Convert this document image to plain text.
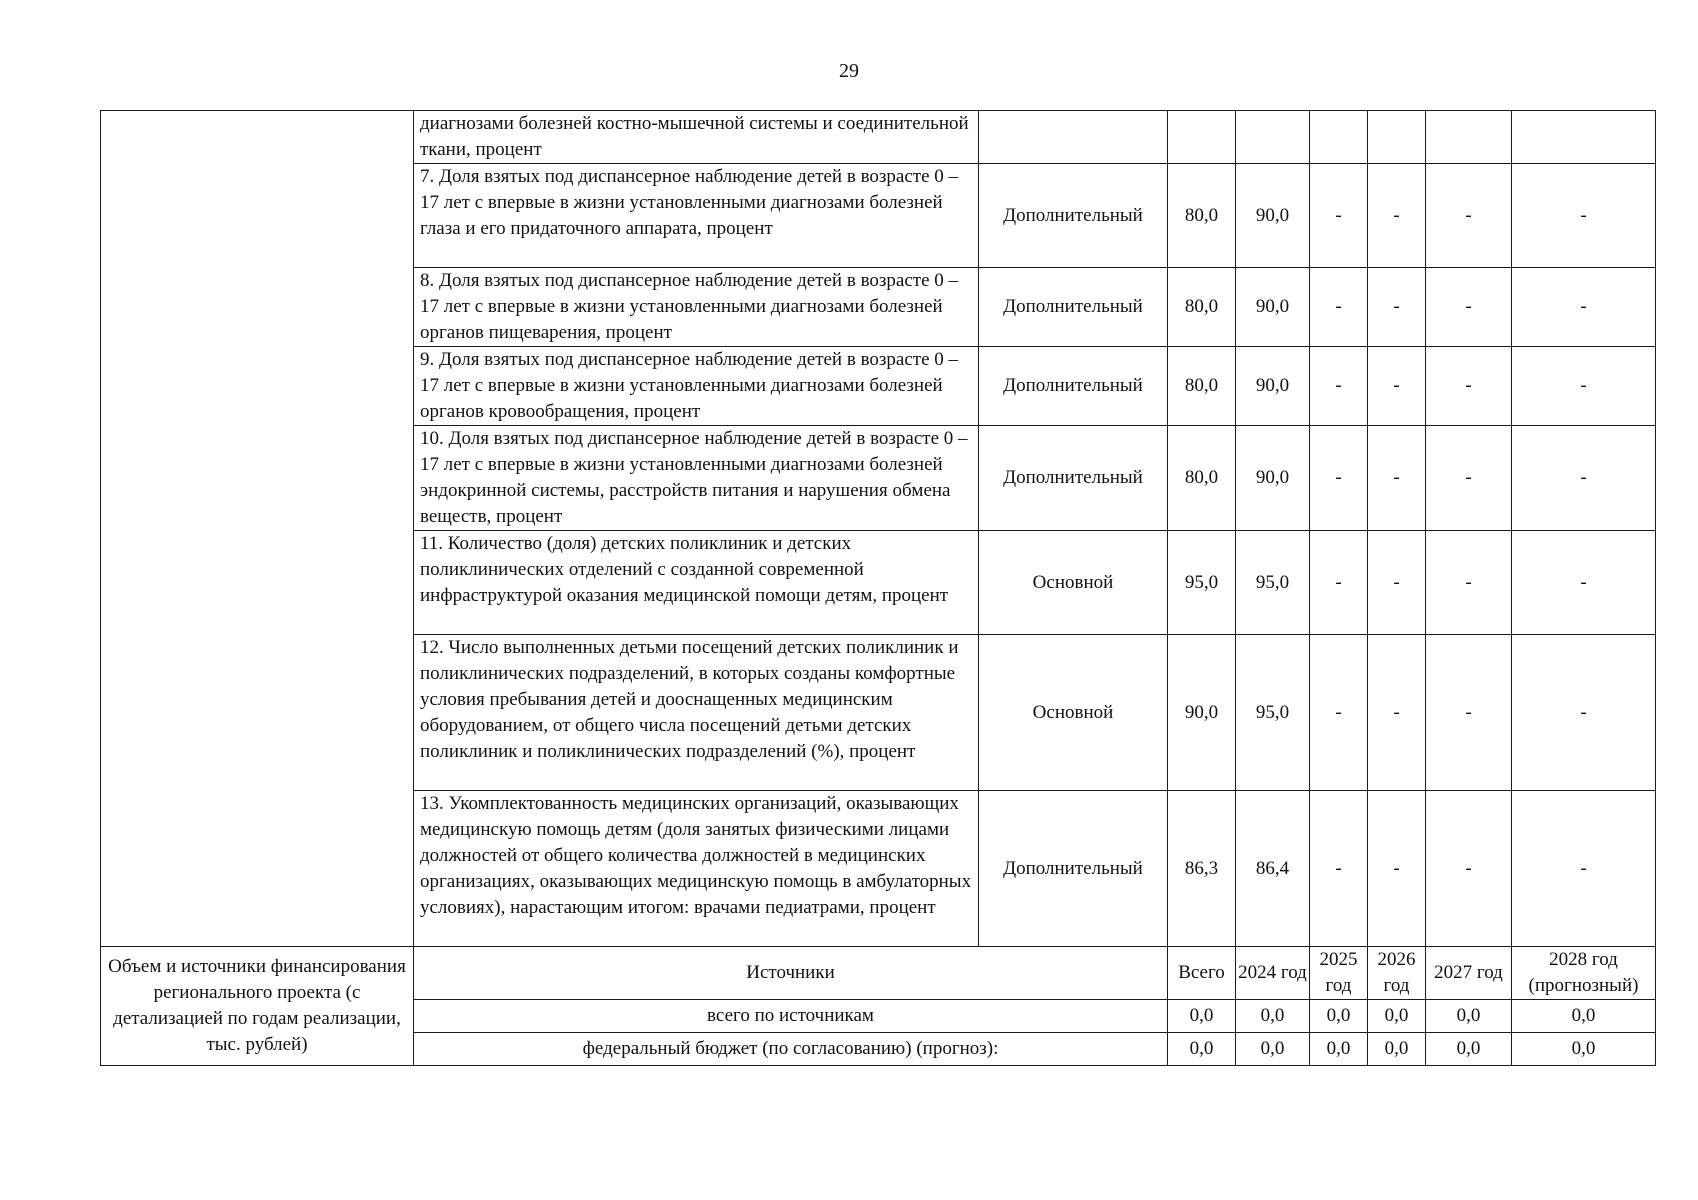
29
	диагнозами болезней костно-мышечной системы и соединительной ткани, процент							
	7. Доля взятых под диспансерное наблюдение детей в возрасте 0 – 17 лет с впервые в жизни установленными диагнозами болезней глаза и его придаточного аппарата, процент	Дополнительный	80,0	90,0	-	-	-	-
	8. Доля взятых под диспансерное наблюдение детей в возрасте 0 – 17 лет с впервые в жизни установленными диагнозами болезней органов пищеварения, процент	Дополнительный	80,0	90,0	-	-	-	-
	9. Доля взятых под диспансерное наблюдение детей в возрасте 0 – 17 лет с впервые в жизни установленными диагнозами болезней органов кровообращения, процент	Дополнительный	80,0	90,0	-	-	-	-
	10. Доля взятых под диспансерное наблюдение детей в возрасте 0 – 17 лет с впервые в жизни установленными диагнозами болезней эндокринной системы, расстройств питания и нарушения обмена веществ, процент	Дополнительный	80,0	90,0	-	-	-	-
	11. Количество (доля) детских поликлиник и детских поликлинических отделений с созданной современной инфраструктурой оказания медицинской помощи детям, процент	Основной	95,0	95,0	-	-	-	-
	12. Число выполненных детьми посещений детских поликлиник и поликлинических подразделений, в которых созданы комфортные условия пребывания детей и дооснащенных медицинским оборудованием, от общего числа посещений детьми детских поликлиник и поликлинических подразделений (%), процент	Основной	90,0	95,0	-	-	-	-
	13. Укомплектованность медицинских организаций, оказывающих медицинскую помощь детям (доля занятых физическими лицами должностей от общего количества должностей в медицинских организациях, оказывающих медицинскую помощь в амбулаторных условиях), нарастающим итогом: врачами педиатрами, процент	Дополнительный	86,3	86,4	-	-	-	-
Объем и источники финансирования регионального проекта (с детализацией по годам реализации, тыс. рублей)	Источники		Всего	2024 год	2025 год	2026 год	2027 год	2028 год (прогнозный)
	всего по источникам		0,0	0,0	0,0	0,0	0,0	0,0
	федеральный бюджет (по согласованию) (прогноз):		0,0	0,0	0,0	0,0	0,0	0,0
